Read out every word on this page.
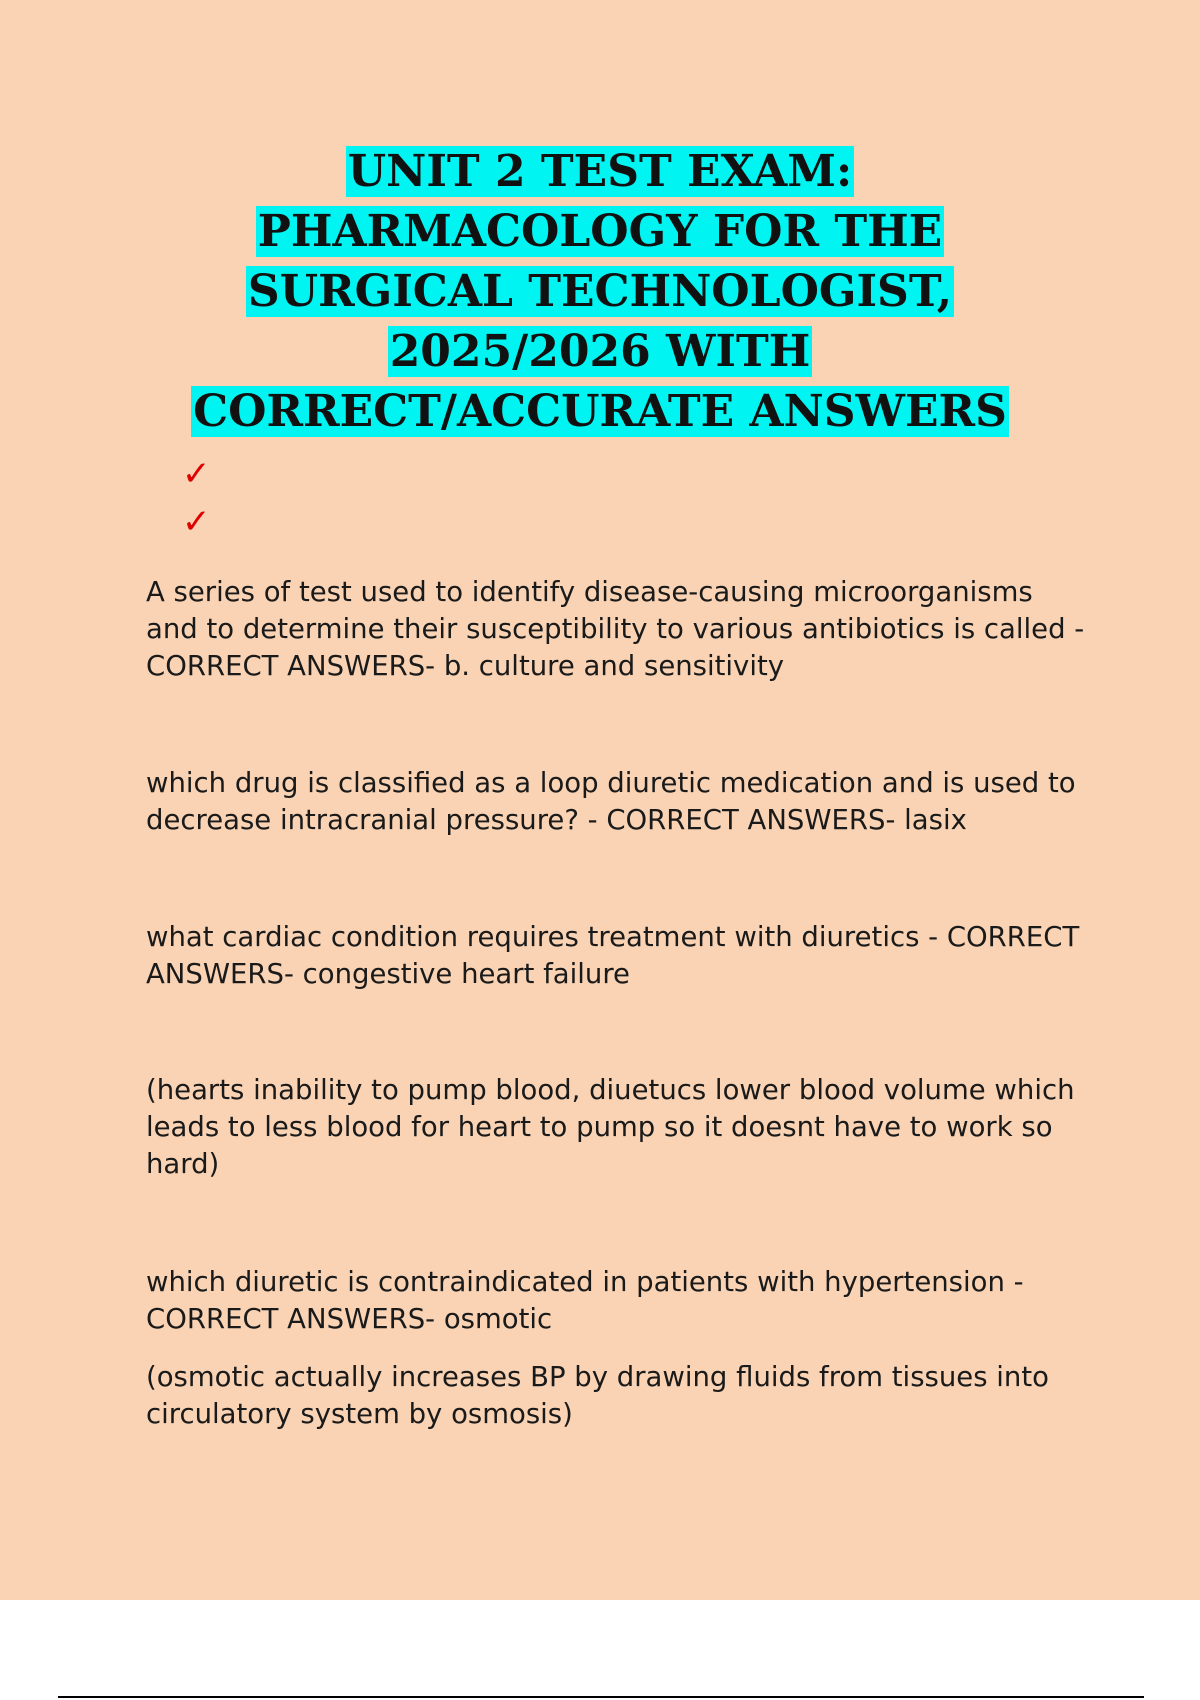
UNIT 2 TEST EXAM:
PHARMACOLOGY FOR THE
SURGICAL TECHNOLOGIST,
2025/2026 WITH
CORRECT/ACCURATE ANSWERS
✓
✓

A series of test used to identify disease-causing microorganisms and to determine their susceptibility to various antibiotics is called - CORRECT ANSWERS- b. culture and sensitivity

which drug is classified as a loop diuretic medication and is used to decrease intracranial pressure? - CORRECT ANSWERS- lasix

what cardiac condition requires treatment with diuretics - CORRECT ANSWERS- congestive heart failure

(hearts inability to pump blood, diuetucs lower blood volume which leads to less blood for heart to pump so it doesnt have to work so hard)

which diuretic is contraindicated in patients with hypertension - CORRECT ANSWERS- osmotic

(osmotic actually increases BP by drawing fluids from tissues into circulatory system by osmosis)
